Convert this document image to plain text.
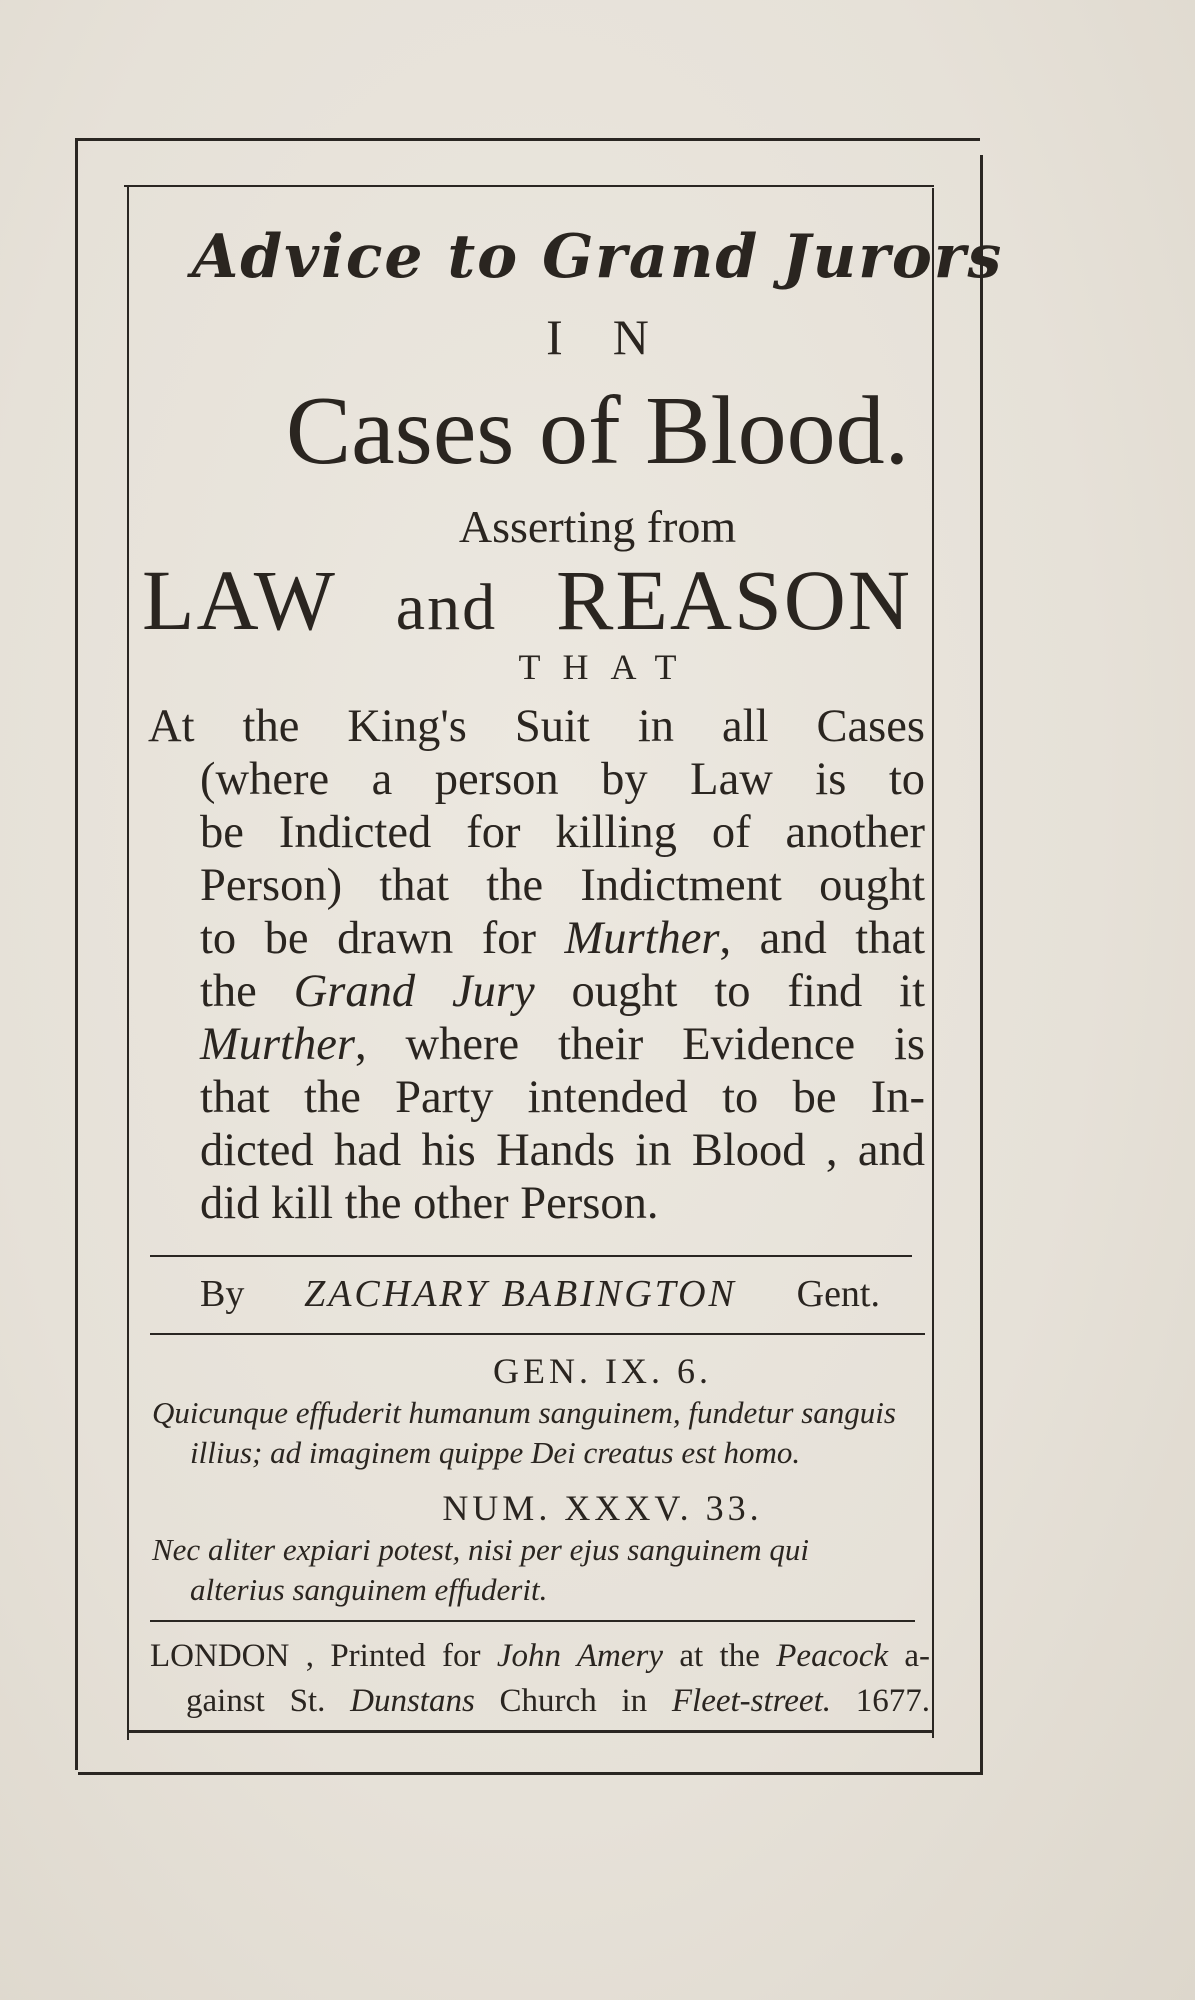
Advice to Grand Jurors
IN
Cases of Blood.
Asserting from
LAW and REASON
THAT
At the King's Suit in all Cases
(where a person by Law is to
be Indicted for killing of another
Person) that the Indictment ought
to be drawn for Murther, and that
the Grand Jury ought to find it
Murther, where their Evidence is
that the Party intended to be In-
dicted had his Hands in Blood , and
did kill the other Person.
By ZACHARY BABINGTON Gent.
GEN. IX. 6.
Quicunque effuderit humanum sanguinem, fundetur sanguis
illius; ad imaginem quippe Dei creatus est homo.
NUM. XXXV. 33.
Nec aliter expiari potest, nisi per ejus sanguinem qui
alterius sanguinem effuderit.
LONDON , Printed for John Amery at the Peacock a-
gainst St. Dunstans Church in Fleet-street. 1677.
